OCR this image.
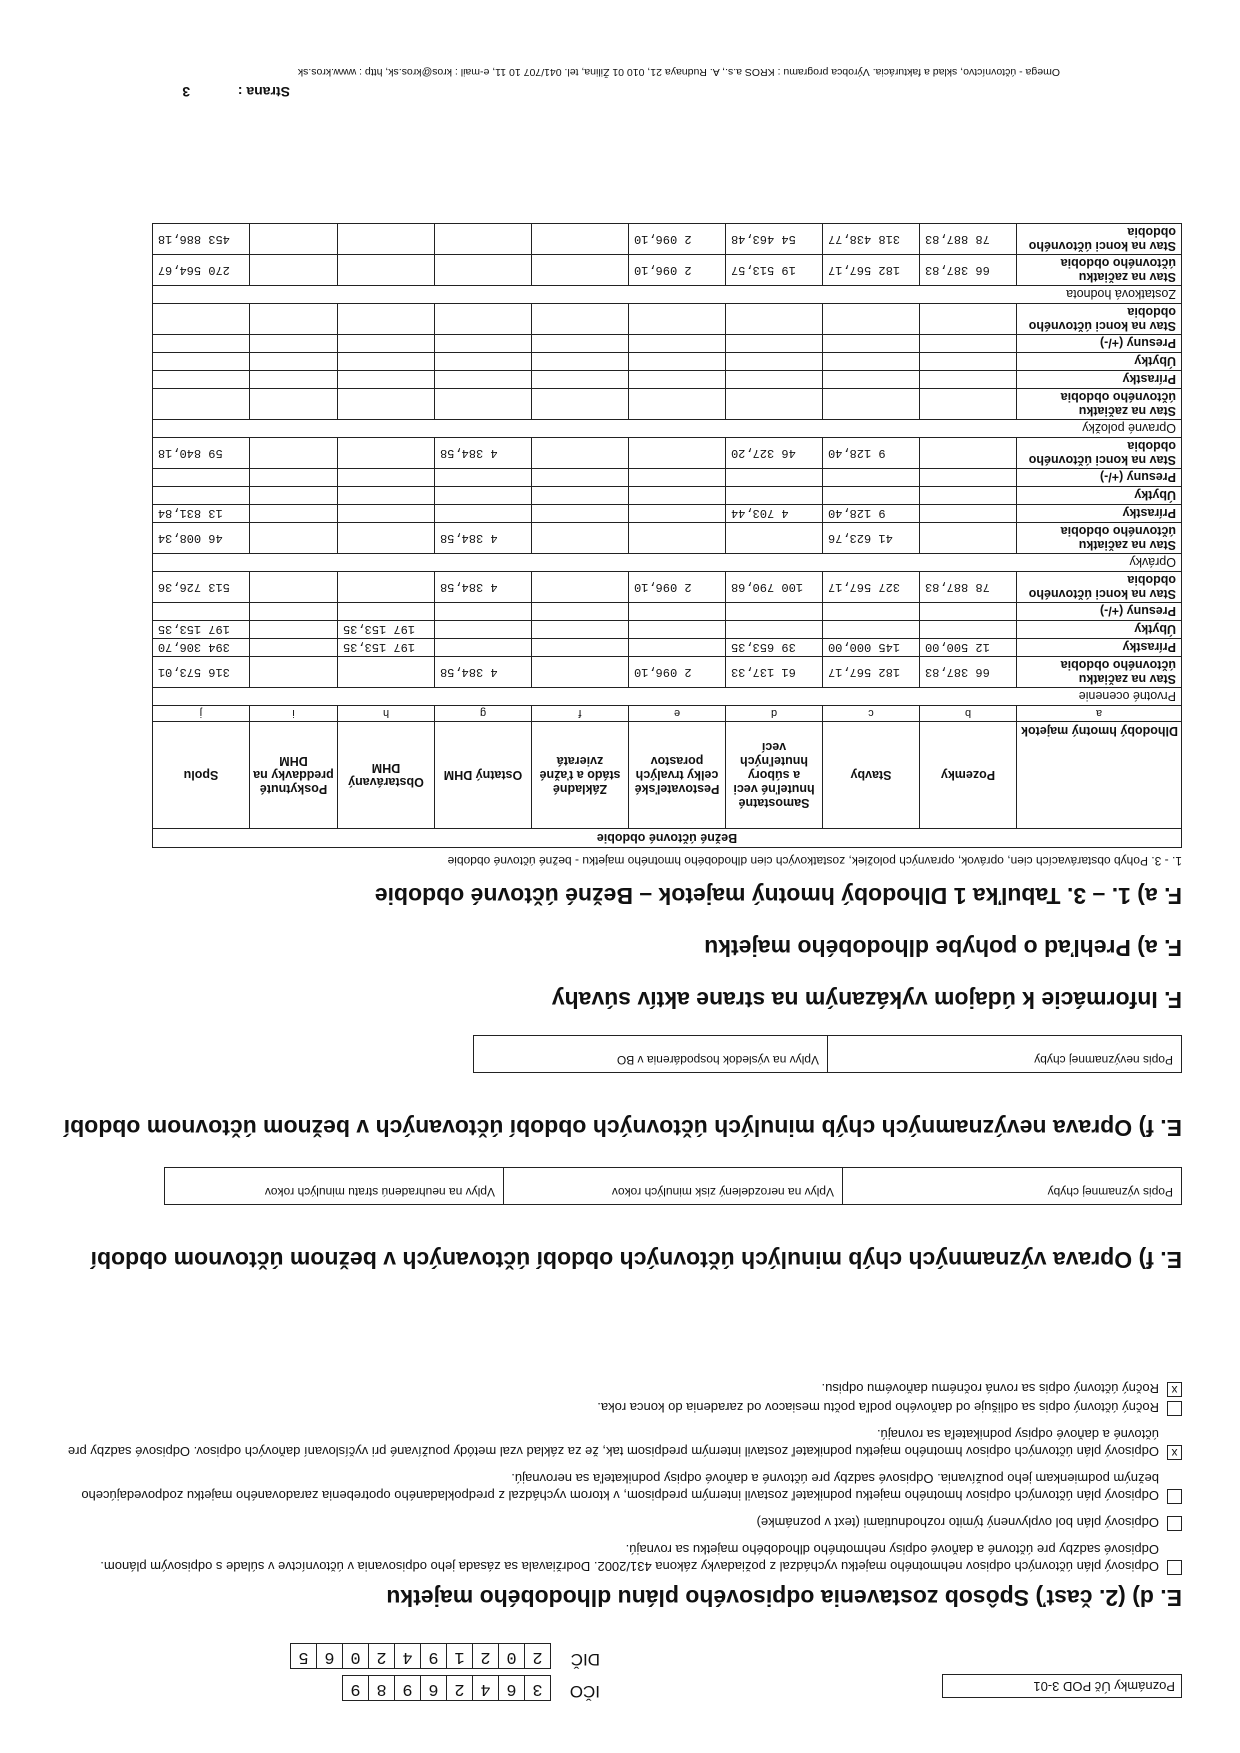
Poznámky Úč POD 3-01
IČO
36426989
DIČ
2021942065
E. d) (2. časť) Spôsob zostavenia odpisového plánu dlhodobého majetku

Odpisový plán účtovných odpisov nehmotného majetku vychádzal z požiadavky zákona 431/2002. Dodržiavala sa zásada jeho odpisovania v účtovníctve v súlade s odpisovým plánom. Odpisové sadzby pre účtovné a daňové odpisy nehmotného dlhodobého majetku sa rovnajú.

Odpisový plán bol ovplyvnený týmito rozhodnutiami (text v poznámke)

Odpisový plán účtovných odpisov hmotného majetku podnikateľ zostavil interným predpisom, v ktorom vychádzal z predpokladaného opotrebenia zaradovaného majetku zodpovedajúceho bežným podmienkam jeho používania. Odpisové sadzby pre účtovné a daňové odpisy podnikateľa sa nerovnajú.

x

Odpisový plán účtovných odpisov hmotného majetku podnikateľ zostavil interným predpisom tak, že za základ vzal metódy používané pri vyčíslovaní daňových odpisov. Odpisové sadzby pre účtovné a daňové odpisy podnikateľa sa rovnajú.

Ročný účtovný odpis sa odlišuje od daňového podľa počtu mesiacov od zaradenia do konca roka.

x

Ročný účtovný odpis sa rovná ročnému daňovému odpisu.

E. f) Oprava významných chýb minulých účtovných období účtovaných v bežnom účtovnom období
Popis významnej chyby
Vplyv na nerozdelený zisk minulých rokov
Vplyv na neuhradenú stratu minulých rokov
E. f) Oprava nevýznamných chýb minulých účtovných období účtovaných v bežnom účtovnom období
Popis nevýznamnej chyby
Vplyv na výsledok hospodárenia v BO
F. Informácie k údajom vykázaným na strane aktív súvahy
F. a) Prehľad o pohybe dlhodobého majetku
F. a) 1. – 3. Tabuľka 1 Dlhodobý hmotný majetok – Bežné účtovné obdobie
1. - 3. Pohyb obstarávacích cien, oprávok, opravných položiek, zostatkových cien dlhodobého hmotného majetku - bežné účtovné obdobie
Bežné účtovné obdobie									
Dlhodobý hmotný majetok	Pozemky	Stavby	Samostatné hnuteľné veci a súbory hnuteľných vecí	Pestovateľské celky trvalých porastov	Základné stádo a ťažné zvieratá	Ostatný DHM	Obstarávaný DHM	Poskytnuté preddavky na DHM	Spolu
a	b	c	d	e	f	g	h	i	j
Prvotné ocenenie									
Stav na začiatku účtovného obdobia	66 387,83	182 567,17	61 137,33	2 096,10		4 384,58			316 573,01
Prírastky	12 500,00	145 000,00	39 653,35				197 153,35		394 306,70
Úbytky							197 153,35		197 153,35
Presuny (+/-)									
Stav na konci účtovného obdobia	78 887,83	327 567,17	100 790,68	2 096,10		4 384,58			513 726,36
Oprávky									
Stav na začiatku účtovného obdobia		41 623,76				4 384,58			46 008,34
Prírastky		9 128,40	4 703,44						13 831,84
Úbytky									
Presuny (+/-)									
Stav na konci účtovného obdobia		9 128,40	46 327,20			4 384,58			59 840,18
Opravné položky									
Stav na začiatku účtovného obdobia									
Prírastky									
Úbytky									
Presuny (+/-)									
Stav na konci účtovného obdobia									
Zostatková hodnota									
Stav na začiatku účtovného obdobia	66 387,83	182 567,17	19 513,57	2 096,10					270 564,67
Stav na konci účtovného obdobia	78 887,83	318 438,77	54 463,48	2 096,10					453 886,18
Strana :  3
Omega - účtovníctvo, sklad a fakturácia. Výrobca programu : KROS a.s., A. Rudnaya 21, 010 01 Žilina, tel. 041/707 10 11, e-mail : kros@kros.sk, http : www.kros.sk
